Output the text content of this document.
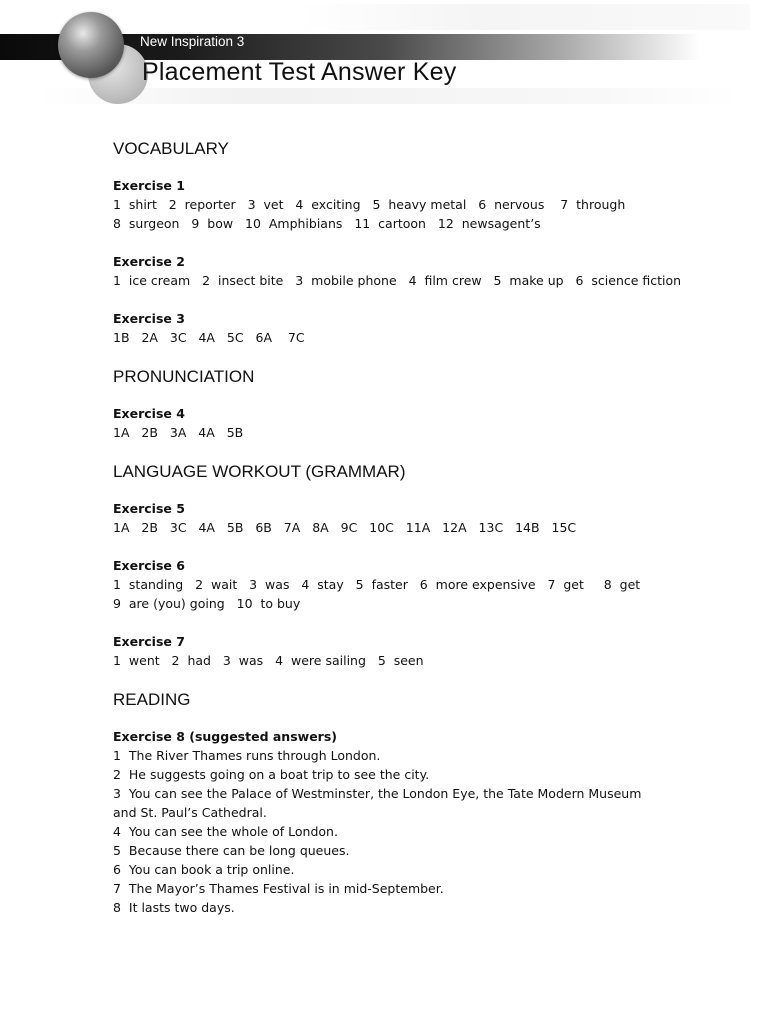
New Inspiration 3
Placement Test Answer Key
VOCABULARY
Exercise 1
1  shirt   2  reporter   3  vet   4  exciting   5  heavy metal   6  nervous    7  through
8  surgeon   9  bow   10  Amphibians   11  cartoon   12  newsagent’s
Exercise 2
1  ice cream   2  insect bite   3  mobile phone   4  film crew   5  make up   6  science fiction
Exercise 3
1B   2A   3C   4A   5C   6A    7C
PRONUNCIATION
Exercise 4
1A   2B   3A   4A   5B
LANGUAGE WORKOUT (GRAMMAR)
Exercise 5
1A   2B   3C   4A   5B   6B   7A   8A   9C   10C   11A   12A   13C   14B   15C
Exercise 6
1  standing   2  wait   3  was   4  stay   5  faster   6  more expensive   7  get     8  get
9  are (you) going   10  to buy
Exercise 7
1  went   2  had   3  was   4  were sailing   5  seen
READING
Exercise 8 (suggested answers)
1  The River Thames runs through London.
2  He suggests going on a boat trip to see the city.
3  You can see the Palace of Westminster, the London Eye, the Tate Modern Museum
and St. Paul’s Cathedral.
4  You can see the whole of London.
5  Because there can be long queues.
6  You can book a trip online.
7  The Mayor’s Thames Festival is in mid-September.
8  It lasts two days.
